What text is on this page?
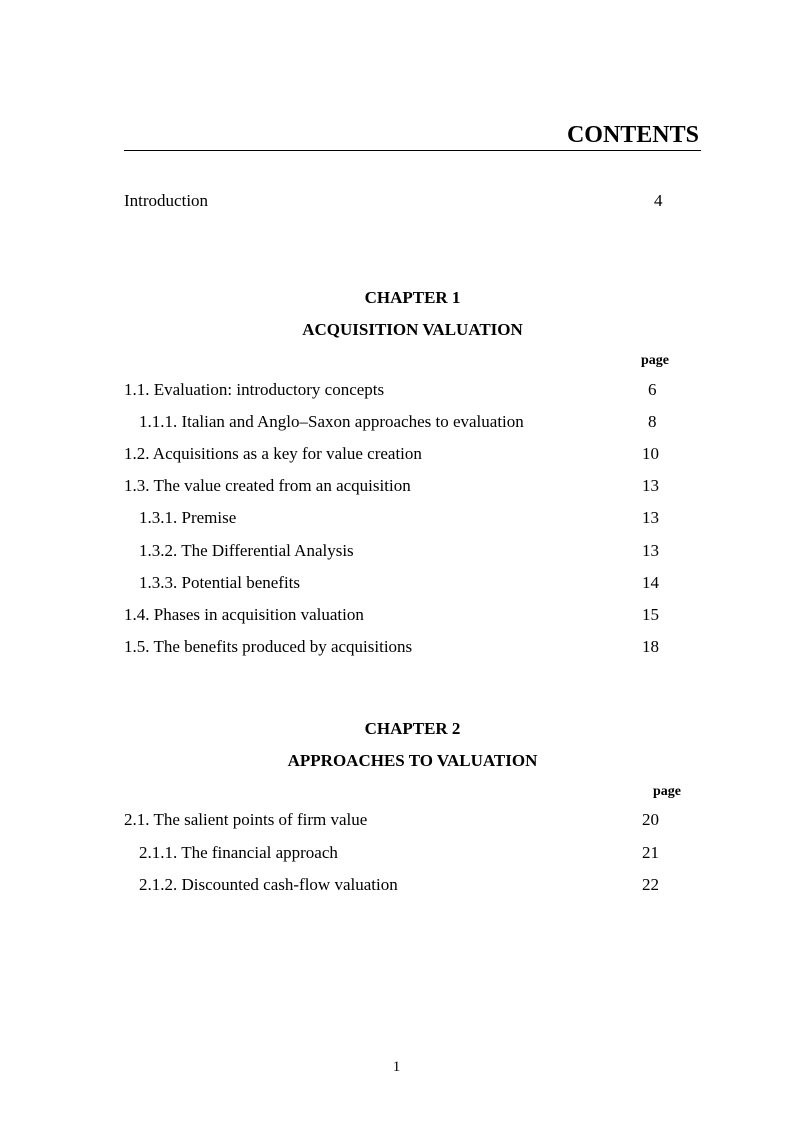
CONTENTS
Introduction	4
CHAPTER 1
ACQUISITION VALUATION
page
1.1. Evaluation: introductory concepts	6
1.1.1. Italian and Anglo–Saxon approaches to evaluation	8
1.2. Acquisitions as a key for value creation	10
1.3. The value created from an acquisition	13
1.3.1. Premise	13
1.3.2. The Differential Analysis	13
1.3.3. Potential benefits	14
1.4. Phases in acquisition valuation	15
1.5. The benefits produced by acquisitions	18
CHAPTER 2
APPROACHES TO VALUATION
page
2.1. The salient points of firm value	20
2.1.1. The financial approach	21
2.1.2. Discounted cash-flow valuation	22
1
